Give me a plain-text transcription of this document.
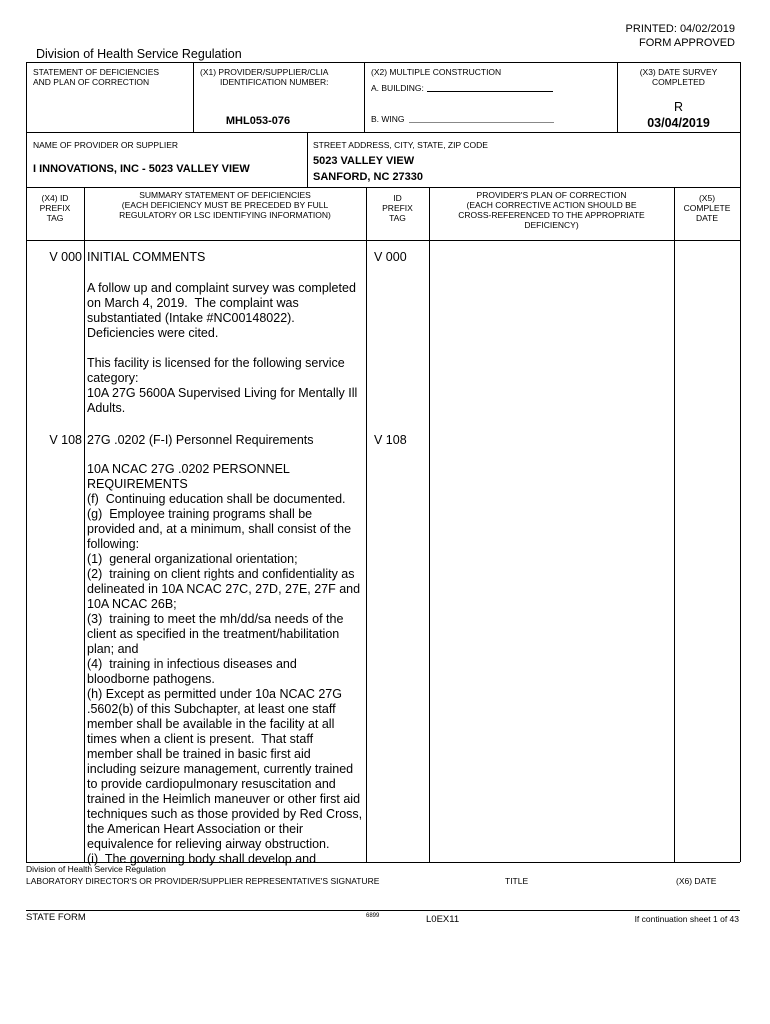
PRINTED: 04/02/2019
FORM APPROVED
Division of Health Service Regulation
STATEMENT OF DEFICIENCIES
AND PLAN OF CORRECTION
(X1) PROVIDER/SUPPLIER/CLIA
IDENTIFICATION NUMBER:
MHL053-076
(X2) MULTIPLE CONSTRUCTION
A. BUILDING:
B. WING
(X3) DATE SURVEY
COMPLETED
R
03/04/2019
NAME OF PROVIDER OR SUPPLIER
I INNOVATIONS, INC - 5023 VALLEY VIEW
STREET ADDRESS, CITY, STATE, ZIP CODE
5023 VALLEY VIEW
SANFORD, NC 27330
(X4) ID
PREFIX
TAG
SUMMARY STATEMENT OF DEFICIENCIES
(EACH DEFICIENCY MUST BE PRECEDED BY FULL
REGULATORY OR LSC IDENTIFYING INFORMATION)
ID
PREFIX
TAG
PROVIDER'S PLAN OF CORRECTION
(EACH CORRECTIVE ACTION SHOULD BE
CROSS-REFERENCED TO THE APPROPRIATE
DEFICIENCY)
(X5)
COMPLETE
DATE
V 000	V 000
INITIAL COMMENTS
A follow up and complaint survey was completed
on March 4, 2019.  The complaint was
substantiated (Intake #NC00148022).
Deficiencies were cited.

This facility is licensed for the following service
category:
10A 27G 5600A Supervised Living for Mentally Ill
Adults.
V 108	V 108
27G .0202 (F-I) Personnel Requirements
10A NCAC 27G .0202 PERSONNEL
REQUIREMENTS
(f)  Continuing education shall be documented.
(g)  Employee training programs shall be
provided and, at a minimum, shall consist of the
following:
(1)  general organizational orientation;
(2)  training on client rights and confidentiality as
delineated in 10A NCAC 27C, 27D, 27E, 27F and
10A NCAC 26B;
(3)  training to meet the mh/dd/sa needs of the
client as specified in the treatment/habilitation
plan; and
(4)  training in infectious diseases and
bloodborne pathogens.
(h) Except as permitted under 10a NCAC 27G
.5602(b) of this Subchapter, at least one staff
member shall be available in the facility at all
times when a client is present.  That staff
member shall be trained in basic first aid
including seizure management, currently trained
to provide cardiopulmonary resuscitation and
trained in the Heimlich maneuver or other first aid
techniques such as those provided by Red Cross,
the American Heart Association or their
equivalence for relieving airway obstruction.
(i)  The governing body shall develop and
Division of Health Service Regulation
LABORATORY DIRECTOR'S OR PROVIDER/SUPPLIER REPRESENTATIVE'S SIGNATURE	TITLE	(X6) DATE
STATE FORM	6899	L0EX11	If continuation sheet 1 of 43
